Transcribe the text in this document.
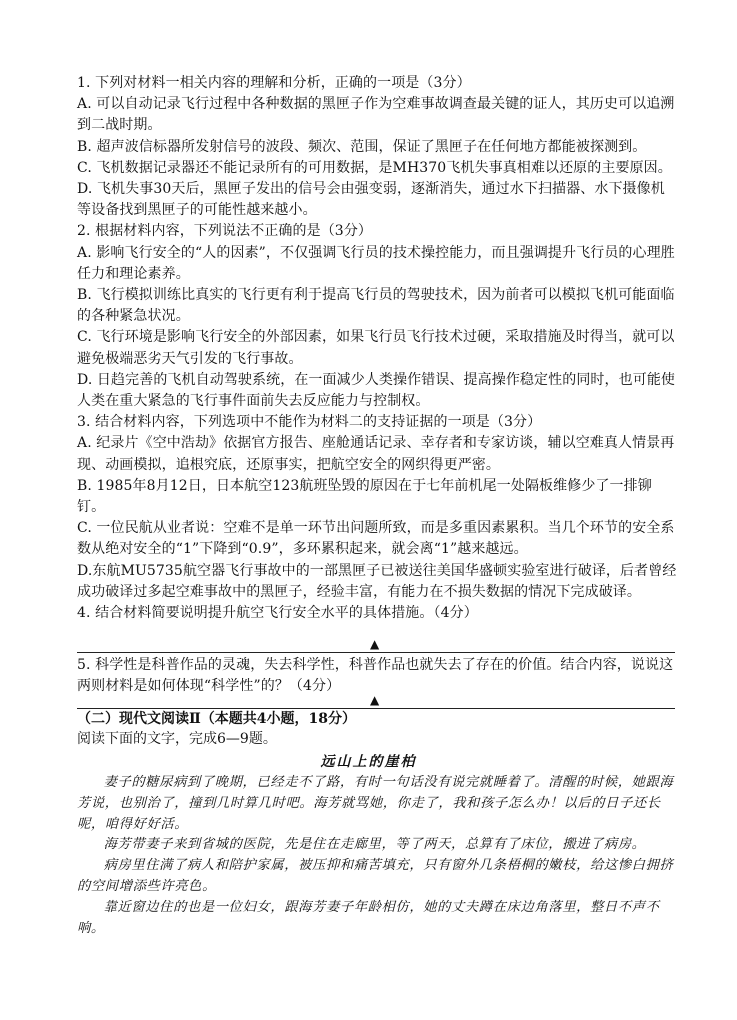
1. 下列对材料一相关内容的理解和分析，正确的一项是（3分）
A. 可以自动记录飞行过程中各种数据的黑匣子作为空难事故调查最关键的证人，其历史可以追溯到二战时期。
B. 超声波信标器所发射信号的波段、频次、范围，保证了黑匣子在任何地方都能被探测到。
C. 飞机数据记录器还不能记录所有的可用数据，是MH370飞机失事真相难以还原的主要原因。
D. 飞机失事30天后，黑匣子发出的信号会由强变弱，逐渐消失，通过水下扫描器、水下摄像机等设备找到黑匣子的可能性越来越小。
2. 根据材料内容，下列说法不正确的是（3分）
A. 影响飞行安全的“人的因素”，不仅强调飞行员的技术操控能力，而且强调提升飞行员的心理胜任力和理论素养。
B. 飞行模拟训练比真实的飞行更有利于提高飞行员的驾驶技术，因为前者可以模拟飞机可能面临的各种紧急状况。
C. 飞行环境是影响飞行安全的外部因素，如果飞行员飞行技术过硬，采取措施及时得当，就可以避免极端恶劣天气引发的飞行事故。
D. 日趋完善的飞机自动驾驶系统，在一面减少人类操作错误、提高操作稳定性的同时，也可能使人类在重大紧急的飞行事件面前失去反应能力与控制权。
3. 结合材料内容，下列选项中不能作为材料二的支持证据的一项是（3分）
A. 纪录片《空中浩劫》依据官方报告、座舱通话记录、幸存者和专家访谈，辅以空难真人情景再现、动画模拟，追根究底，还原事实，把航空安全的网织得更严密。
B. 1985年8月12日，日本航空123航班坠毁的原因在于七年前机尾一处隔板维修少了一排铆钉。
C. 一位民航从业者说：空难不是单一环节出问题所致，而是多重因素累积。当几个环节的安全系数从绝对安全的“1”下降到“0.9”，多环累积起来，就会离“1”越来越远。
D.东航MU5735航空器飞行事故中的一部黑匣子已被送往美国华盛顿实验室进行破译，后者曾经成功破译过多起空难事故中的黑匣子，经验丰富，有能力在不损失数据的情况下完成破译。
4. 结合材料简要说明提升航空飞行安全水平的具体措施。（4分）
▲
5. 科学性是科普作品的灵魂，失去科学性，科普作品也就失去了存在的价值。结合内容，说说这两则材料是如何体现“科学性”的？（4分）
▲
（二）现代文阅读Ⅱ（本题共4小题，18分）
阅读下面的文字，完成6—9题。
远山上的崖柏

妻子的糖尿病到了晚期，已经走不了路，有时一句话没有说完就睡着了。清醒的时候，她跟海芳说，也别治了，撞到几时算几时吧。海芳就骂她，你走了，我和孩子怎么办！以后的日子还长呢，咱得好好活。

海芳带妻子来到省城的医院，先是住在走廊里，等了两天，总算有了床位，搬进了病房。

病房里住满了病人和陪护家属，被压抑和痛苦填充，只有窗外几条梧桐的嫩枝，给这惨白拥挤的空间增添些许亮色。

靠近窗边住的也是一位妇女，跟海芳妻子年龄相仿，她的丈夫蹲在床边角落里，整日不声不响。
